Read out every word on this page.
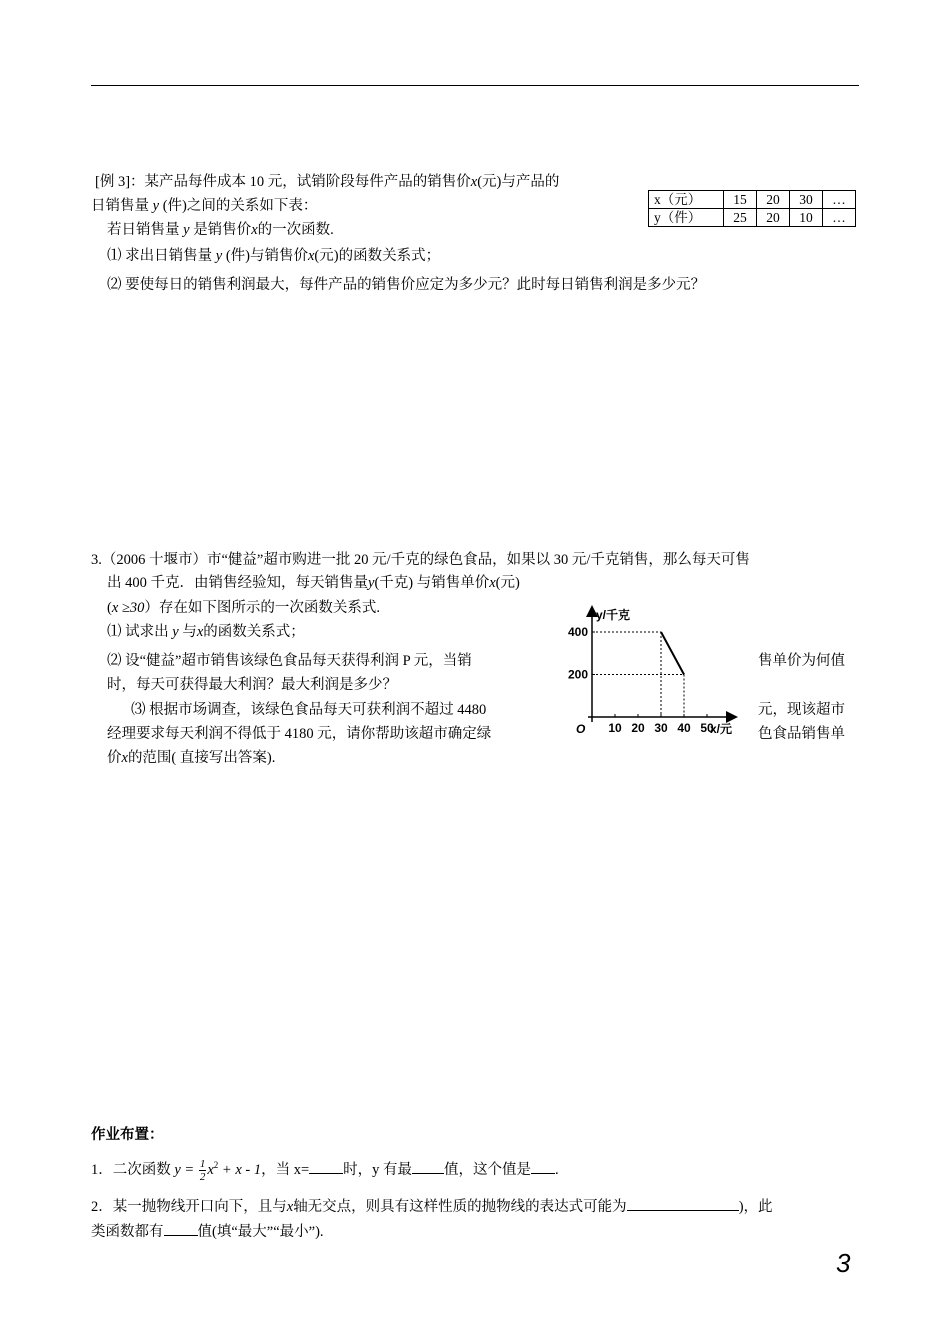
[例 3]：某产品每件成本 10 元，试销阶段每件产品的销售价x(元)与产品的
日销售量 y (件)之间的关系如下表：
若日销售量 y 是销售价x的一次函数.
⑴ 求出日销售量 y (件)与销售价x(元)的函数关系式；
⑵ 要使每日的销售利润最大，每件产品的销售价应定为多少元？此时每日销售利润是多少元？
x（元）	15	20	30	…
y（件）	25	20	10	…
3.（2006 十堰市）市“健益”超市购进一批 20 元/千克的绿色食品，如果以 30 元/千克销售，那么每天可售
出 400 千克．由销售经验知，每天销售量y(千克) 与销售单价x(元)
(x ≥30）存在如下图所示的一次函数关系式.
⑴ 试求出 y 与x的函数关系式；
⑵ 设“健益”超市销售该绿色食品每天获得利润 P 元，当销	售单价为何值
时，每天可获得最大利润？最大利润是多少？
⑶ 根据市场调查，该绿色食品每天可获利润不超过 4480	元，现该超市
经理要求每天利润不得低于 4180 元，请你帮助该超市确定绿	色食品销售单
价x的范围( 直接写出答案).
10 20 30 40 50
200
400
y/千克
x/元
O
作业布置：
1．二次函数 $y = \frac{1}{2} x^2 + x - 1$，当 x= 时，y 有最 值，这个值是 .
2．某一抛物线开口向下，且与x轴无交点，则具有这样性质的抛物线的表达式可能为	)，此
类函数都有 值(填“最大”“最小”).
3
